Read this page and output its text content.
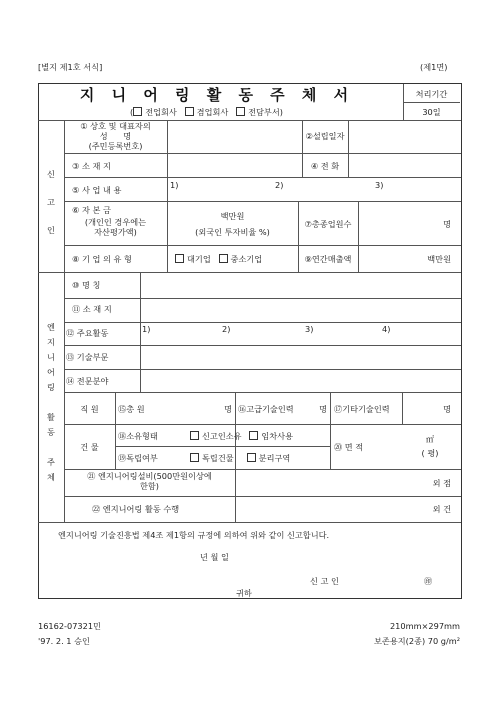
[별지 제1호 서식]	(제1면)
지 니 어 링 활 동 주 체 서
( 전업회사 겸업회사 전담부서)
처리기간
30일
신
고
인
① 상호 및 대표자의
성      명
(주민등록번호)
②설립일자
③ 소 재 지	④ 전 화
⑤ 사 업 내 용	1)	2)	3)
⑥ 자 본 금
(개인인 경우에는
자산평가액)
백만원
(외국인 투자비율 %)
⑦총종업원수	명
⑧ 기 업 의 유 형	대기업 중소기업	⑨연간매출액	백만원
엔
지
니
어
링

활
동

주
체
⑩ 명 칭
⑪ 소 재 지
⑫ 주요활동	1)	2)	3)	4)
⑬ 기술부문
⑭ 전문분야
직 원	⑮총 원	명 ⑯고급기술인력	명 ⑰기타기술인력	명
건 물
⑱소유형태	신고인소유 임차사용
⑲독립여부	독립건물	분리구역
⑳ 면 적
㎡
( 평)
㉑ 엔지니어링설비(500만원이상에
한함)	외 점
㉒ 엔지니어링 활동 수행	외 건
엔지니어링 기술진흥법 제4조 제1항의 규정에 의하여 위와 같이 신고합니다.
년 월 일
신 고 인	㊞
귀하
16162-07321민
'97. 2. 1 승인
210mm×297mm
보존용지(2종) 70 g/m²
